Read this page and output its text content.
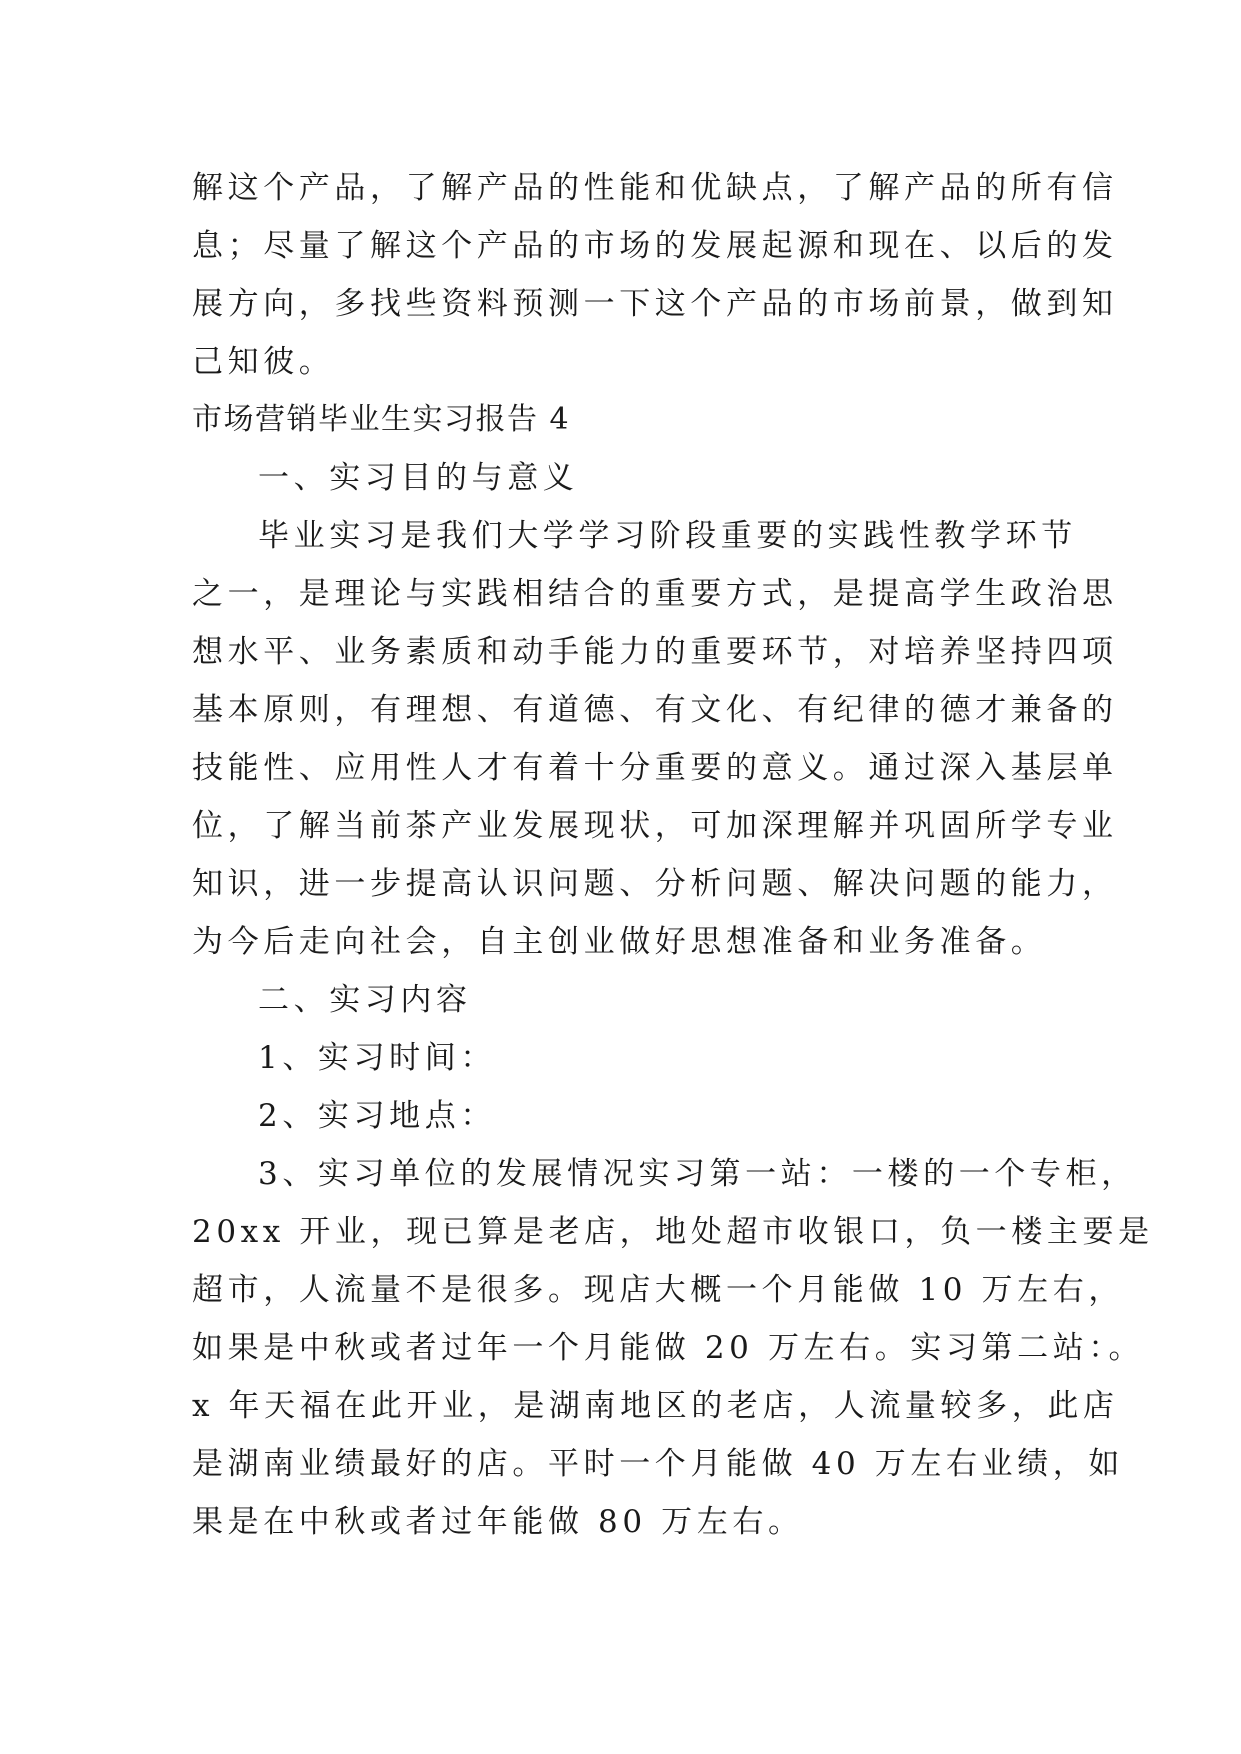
解这个产品，了解产品的性能和优缺点，了解产品的所有信
息；尽量了解这个产品的市场的发展起源和现在、以后的发
展方向，多找些资料预测一下这个产品的市场前景，做到知
己知彼。
市场营销毕业生实习报告 4
一、实习目的与意义
毕业实习是我们大学学习阶段重要的实践性教学环节
之一，是理论与实践相结合的重要方式，是提高学生政治思
想水平、业务素质和动手能力的重要环节，对培养坚持四项
基本原则，有理想、有道德、有文化、有纪律的德才兼备的
技能性、应用性人才有着十分重要的意义。通过深入基层单
位，了解当前茶产业发展现状，可加深理解并巩固所学专业
知识，进一步提高认识问题、分析问题、解决问题的能力，
为今后走向社会，自主创业做好思想准备和业务准备。
二、实习内容
1、实习时间：
2、实习地点：
3、实习单位的发展情况实习第一站：一楼的一个专柜，
20xx 开业，现已算是老店，地处超市收银口，负一楼主要是
超市，人流量不是很多。现店大概一个月能做 10 万左右，
如果是中秋或者过年一个月能做 20 万左右。实习第二站：。
x 年天福在此开业，是湖南地区的老店，人流量较多，此店
是湖南业绩最好的店。平时一个月能做 40 万左右业绩，如
果是在中秋或者过年能做 80 万左右。
